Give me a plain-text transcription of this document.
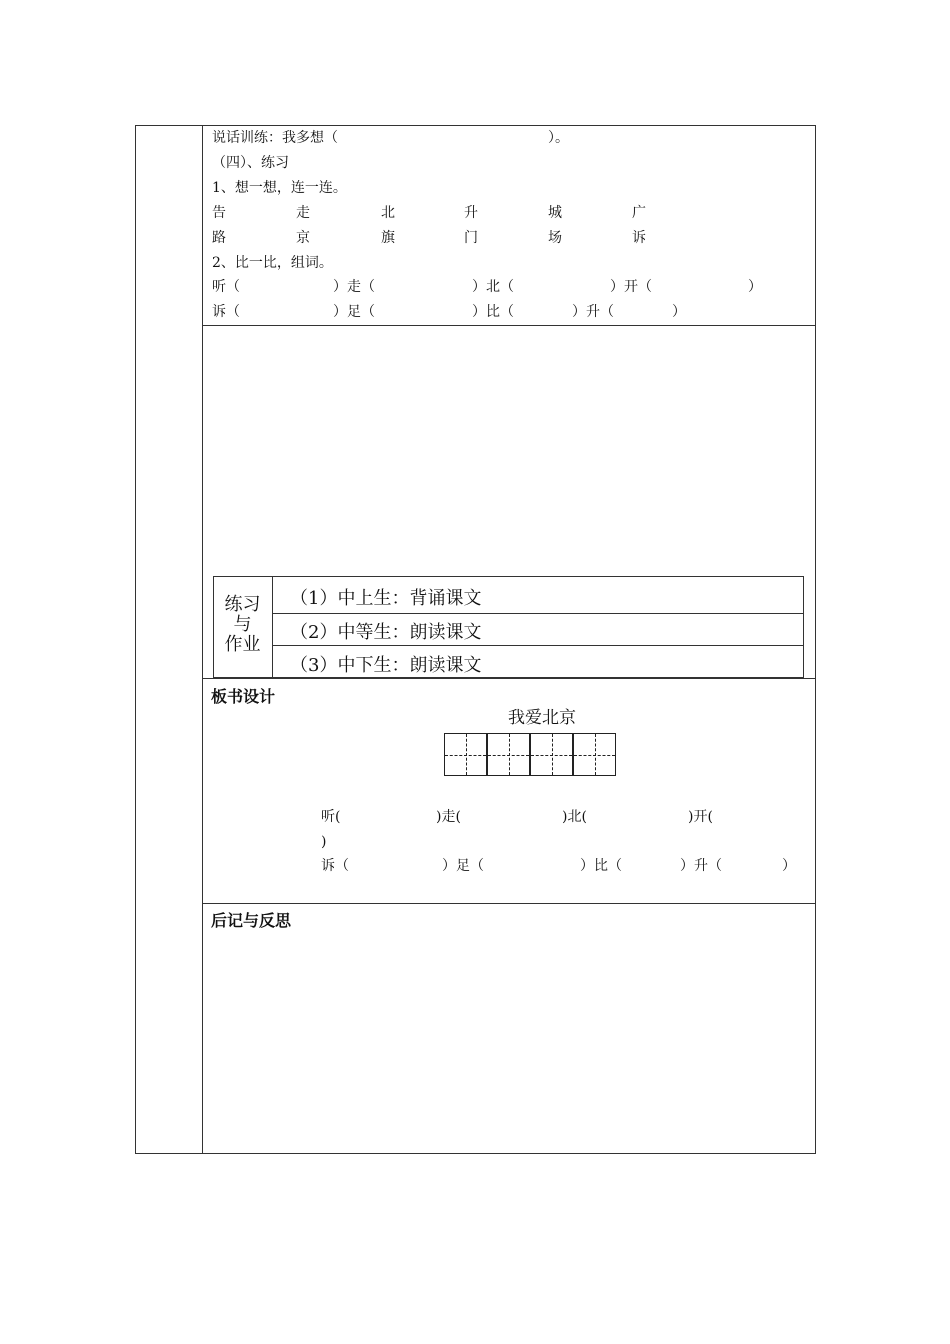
说话训练：我多想（　　　　　　　　　　　　　　　）。
（四）、练习
1、想一想，连一连。
告	走	北	升	城	广
路	京	旗	门	场	诉
2、比一比，组词。
听（	）走（	）北（	）开（	）
诉（	）足（	）比（	）升（	）
练习
与
作业
（1）中上生：背诵课文
（2）中等生：朗读课文
（3）中下生：朗读课文
板书设计
我爱北京
听(	)走(	)北(	)开(
)
诉（	）足（	）比（	）升（	）
后记与反思
